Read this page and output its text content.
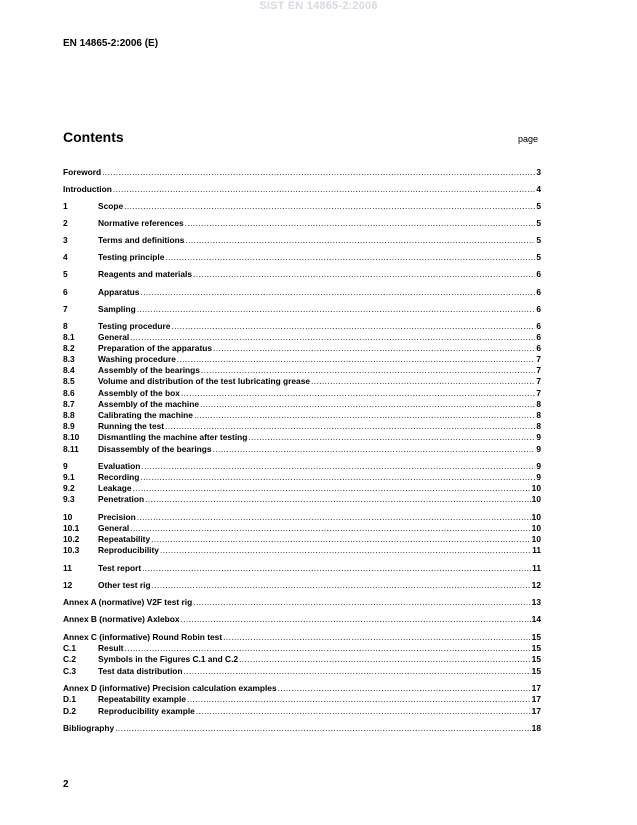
SIST EN 14865-2:2006
EN 14865-2:2006 (E)
Contents	page
Foreword .....	3
Introduction .....	4
1	Scope .....	5
2	Normative references .....	5
3	Terms and definitions .....	5
4	Testing principle .....	5
5	Reagents and materials .....	6
6	Apparatus .....	6
7	Sampling .....	6
8	Testing procedure .....	6
8.1	General .....	6
8.2	Preparation of the apparatus .....	6
8.3	Washing procedure .....	7
8.4	Assembly of the bearings .....	7
8.5	Volume and distribution of the test lubricating grease .....	7
8.6	Assembly of the box .....	7
8.7	Assembly of the machine .....	8
8.8	Calibrating the machine .....	8
8.9	Running the test .....	8
8.10	Dismantling the machine after testing .....	9
8.11	Disassembly of the bearings .....	9
9	Evaluation .....	9
9.1	Recording .....	9
9.2	Leakage .....	10
9.3	Penetration .....	10
10	Precision .....	10
10.1	General .....	10
10.2	Repeatability .....	10
10.3	Reproducibility .....	11
11	Test report .....	11
12	Other test rig .....	12
Annex A (normative) V2F test rig .....	13
Annex B (normative) Axlebox .....	14
Annex C (informative) Round Robin test .....	15
C.1	Result .....	15
C.2	Symbols in the Figures C.1 and C.2 .....	15
C.3	Test data distribution .....	15
Annex D (informative) Precision calculation examples .....	17
D.1	Repeatability example .....	17
D.2	Reproducibility example .....	17
Bibliography .....	18
2
